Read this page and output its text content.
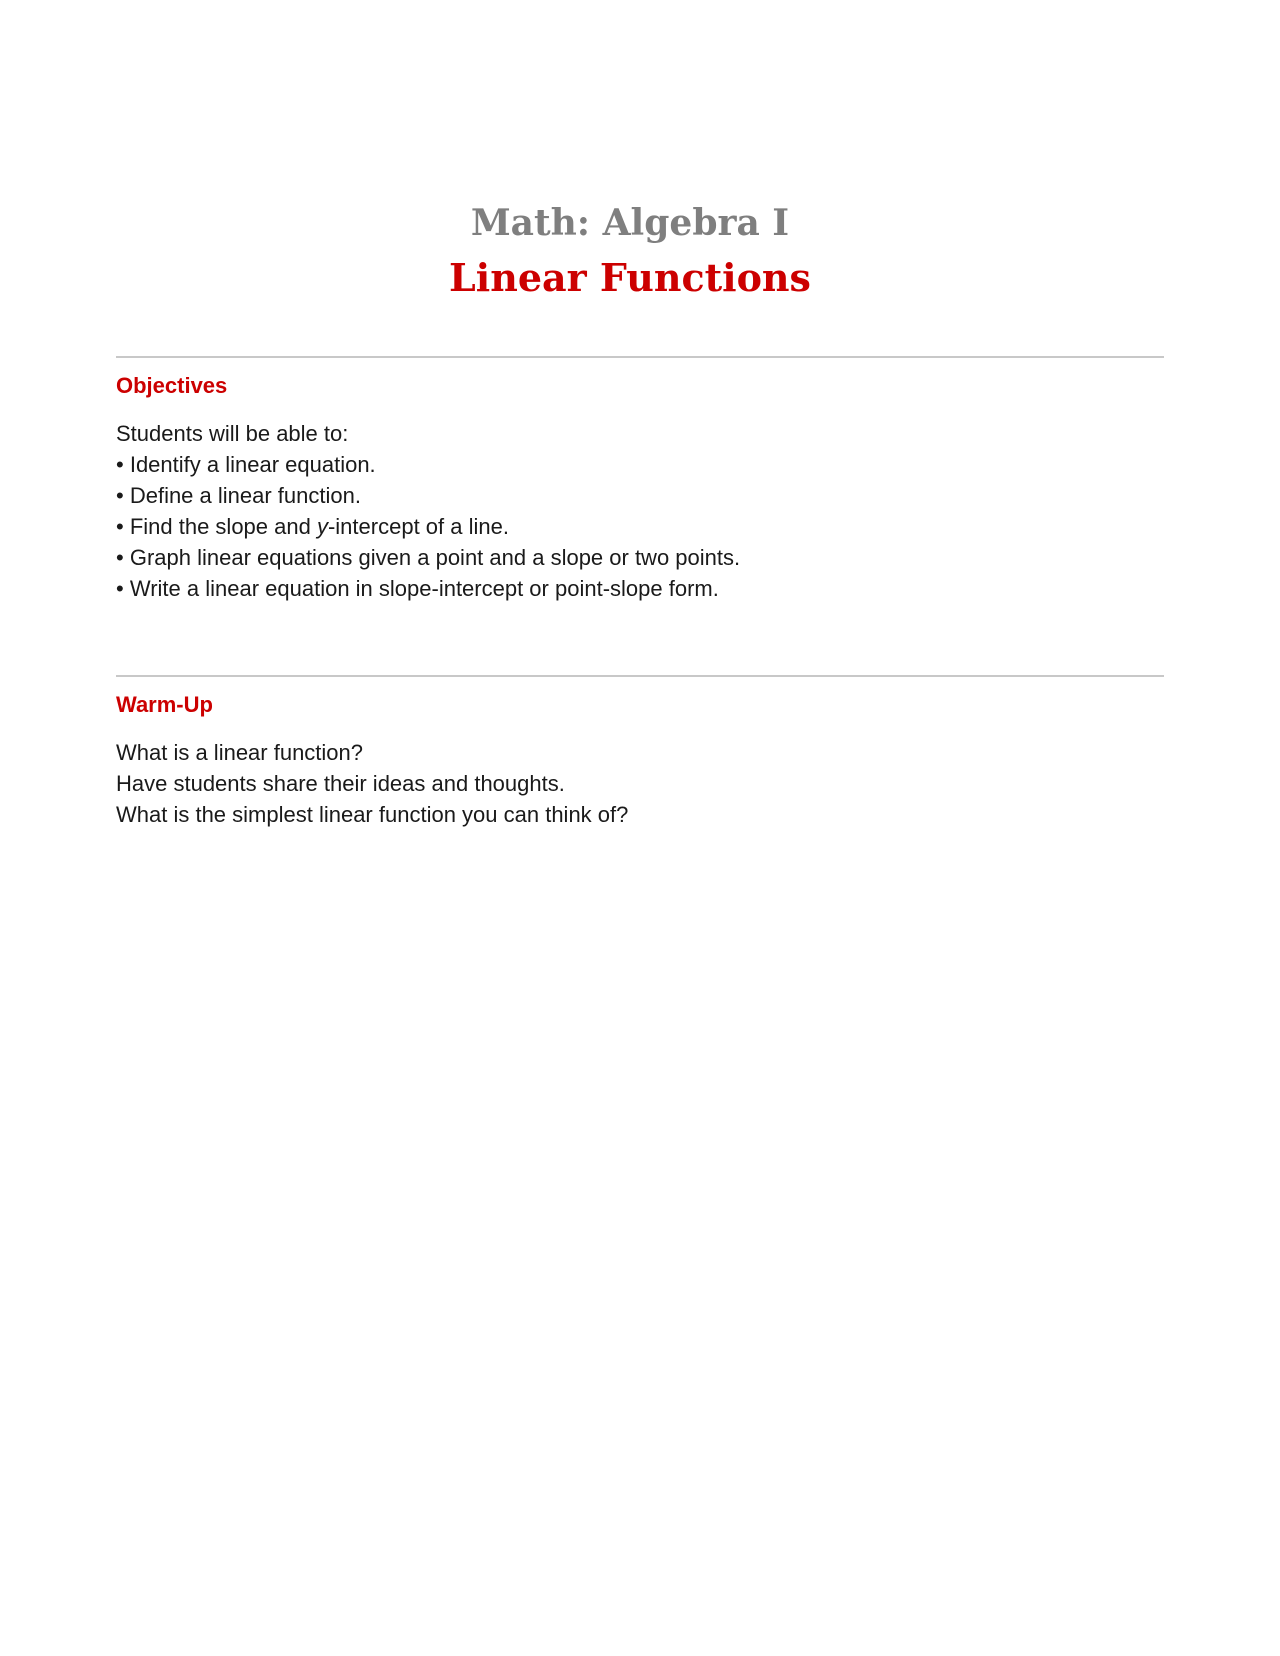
Math: Algebra I
Linear Functions
Objectives
Students will be able to:
• Identify a linear equation.
• Define a linear function.
• Find the slope and y-intercept of a line.
• Graph linear equations given a point and a slope or two points.
• Write a linear equation in slope-intercept or point-slope form.
Warm-Up
What is a linear function?
Have students share their ideas and thoughts.
What is the simplest linear function you can think of?
